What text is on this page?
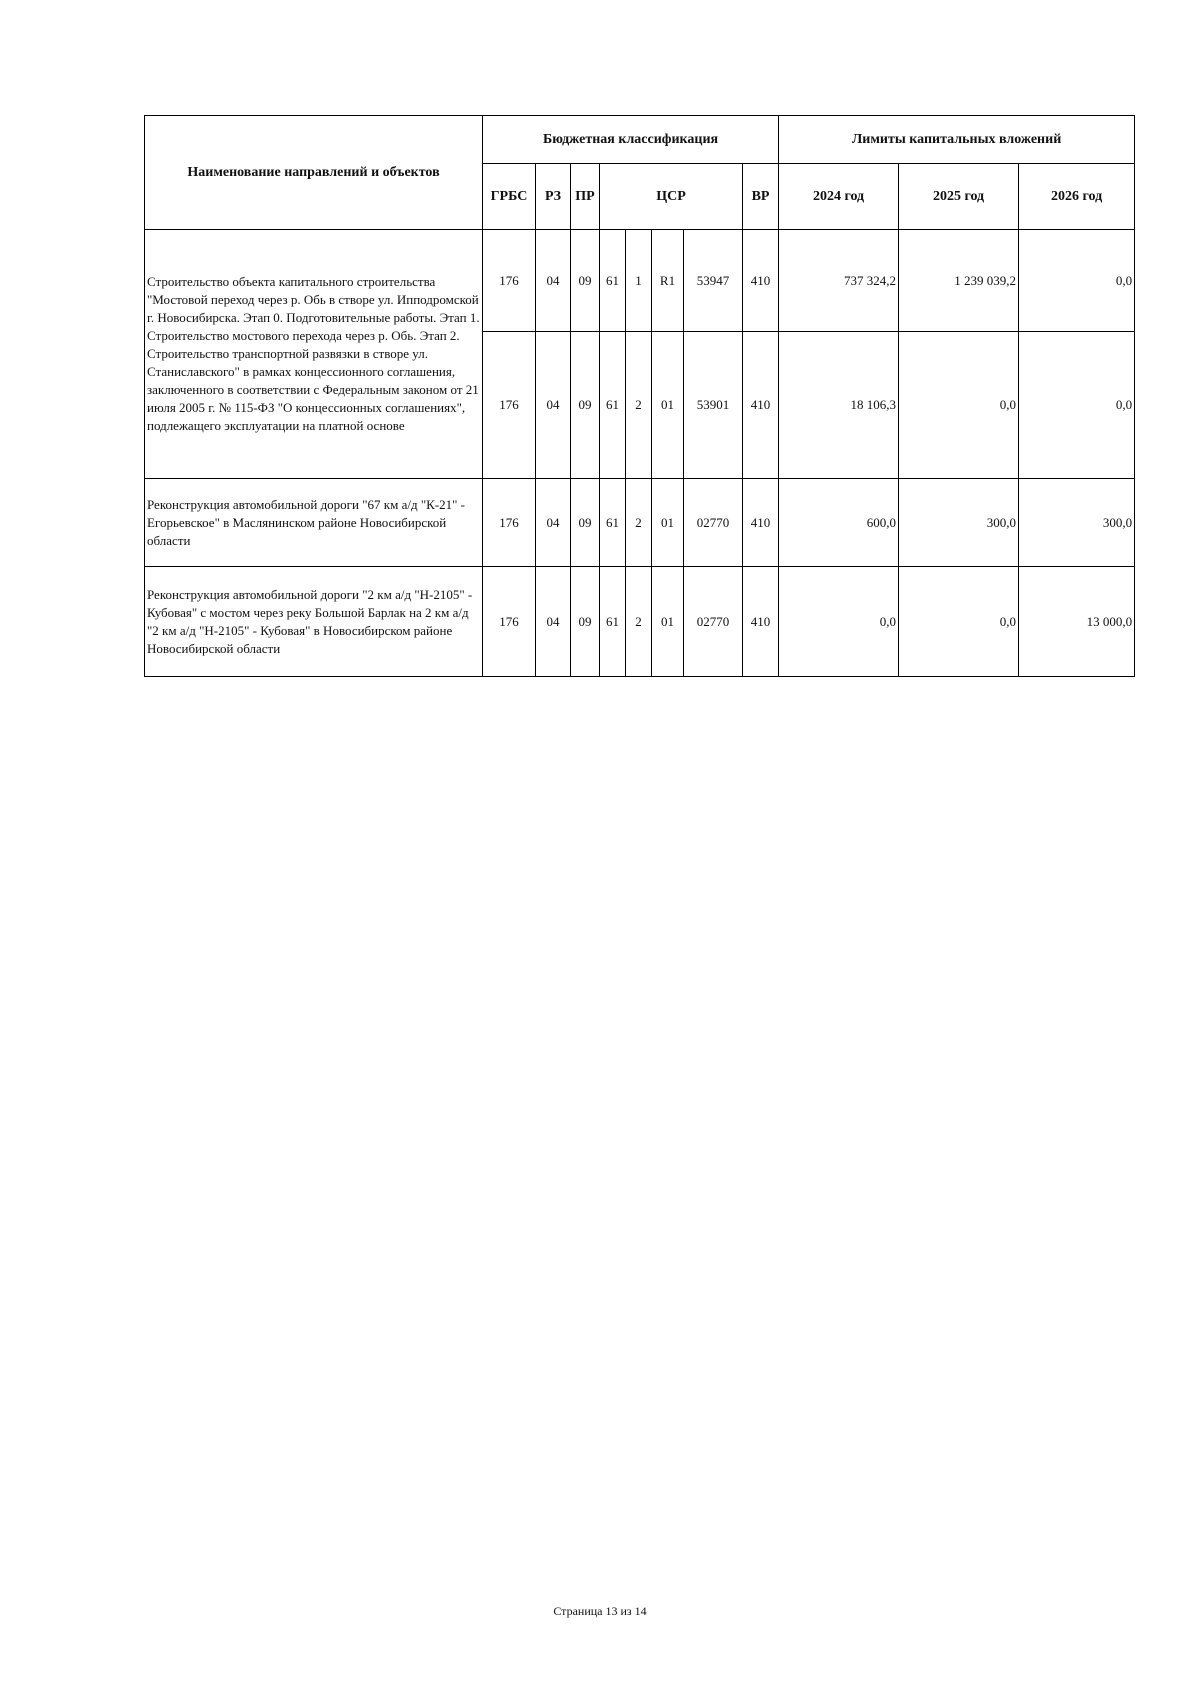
Наименование направлений и объектов	Бюджетная классификация								Лимиты капитальных вложений		
	ГРБС	РЗ	ПР	ЦСР				ВР	2024 год	2025 год	2026 год
Строительство объекта капитального строительства "Мостовой переход через р. Обь в створе ул. Ипподромской г. Новосибирска. Этап 0. Подготовительные работы. Этап 1. Строительство мостового перехода через р. Обь. Этап 2. Строительство транспортной развязки в створе ул. Станиславского" в рамках концессионного соглашения, заключенного в соответствии с Федеральным законом от 21 июля 2005 г. № 115-ФЗ "О концессионных соглашениях", подлежащего эксплуатации на платной основе	176	04	09	61	1	R1	53947	410	737 324,2	1 239 039,2	0,0
	176	04	09	61	2	01	53901	410	18 106,3	0,0	0,0
Реконструкция автомобильной дороги "67 км а/д "К-21" - Егорьевское" в Маслянинском районе Новосибирской области	176	04	09	61	2	01	02770	410	600,0	300,0	300,0
Реконструкция автомобильной дороги "2 км а/д "Н-2105" - Кубовая" с мостом через реку Большой Барлак на 2 км а/д "2 км а/д "Н-2105" - Кубовая" в Новосибирском районе Новосибирской области	176	04	09	61	2	01	02770	410	0,0	0,0	13 000,0
Страница 13 из 14
